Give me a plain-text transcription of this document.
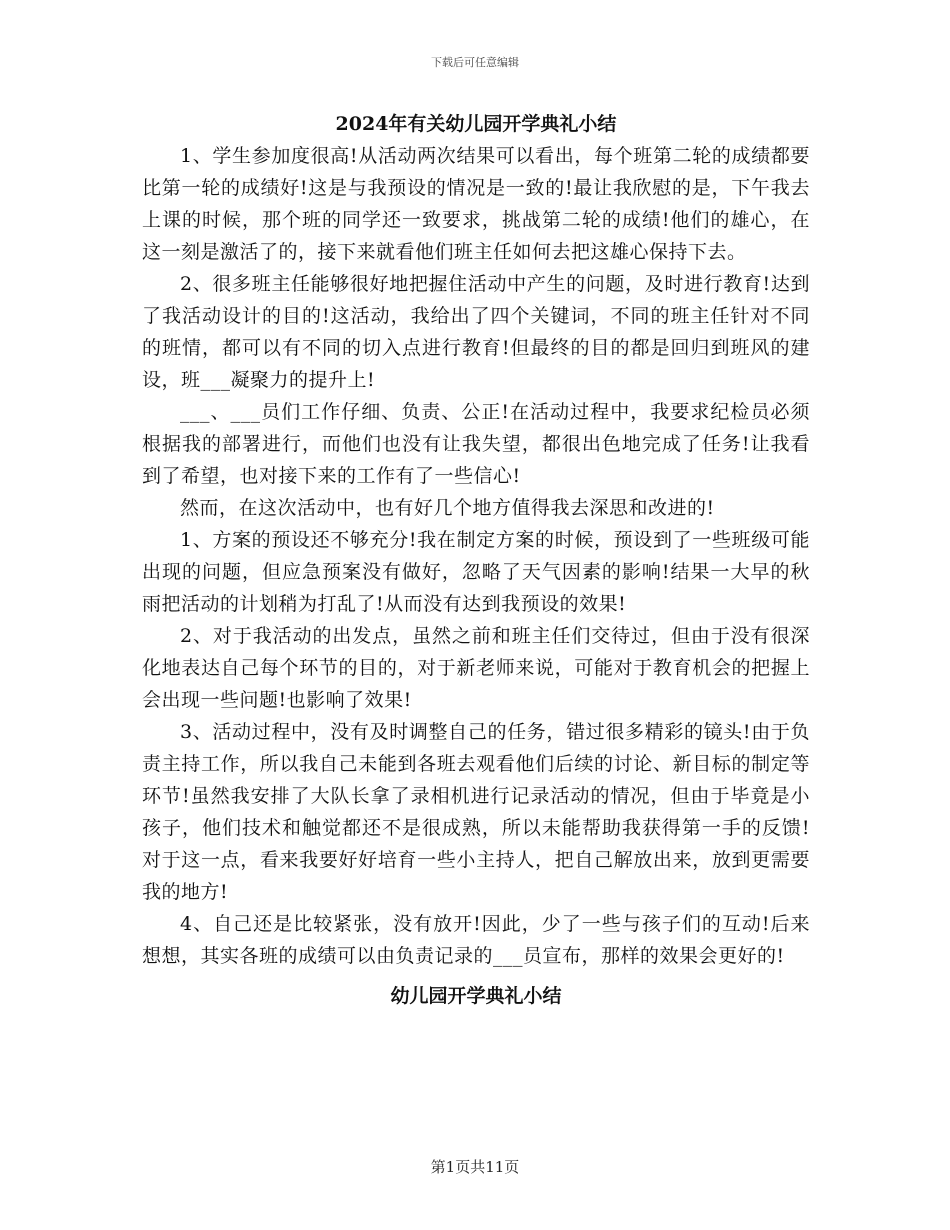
下载后可任意编辑
2024年有关幼儿园开学典礼小结

1、学生参加度很高!从活动两次结果可以看出，每个班第二轮的成绩都要比第一轮的成绩好!这是与我预设的情况是一致的!最让我欣慰的是，下午我去上课的时候，那个班的同学还一致要求，挑战第二轮的成绩!他们的雄心，在这一刻是激活了的，接下来就看他们班主任如何去把这雄心保持下去。

2、很多班主任能够很好地把握住活动中产生的问题，及时进行教育!达到了我活动设计的目的!这活动，我给出了四个关键词，不同的班主任针对不同的班情，都可以有不同的切入点进行教育!但最终的目的都是回归到班风的建设，班___凝聚力的提升上!

___、___员们工作仔细、负责、公正!在活动过程中，我要求纪检员必须根据我的部署进行，而他们也没有让我失望，都很出色地完成了任务!让我看到了希望，也对接下来的工作有了一些信心!

然而，在这次活动中，也有好几个地方值得我去深思和改进的!

1、方案的预设还不够充分!我在制定方案的时候，预设到了一些班级可能出现的问题，但应急预案没有做好，忽略了天气因素的影响!结果一大早的秋雨把活动的计划稍为打乱了!从而没有达到我预设的效果!

2、对于我活动的出发点，虽然之前和班主任们交待过，但由于没有很深化地表达自己每个环节的目的，对于新老师来说，可能对于教育机会的把握上会出现一些问题!也影响了效果!

3、活动过程中，没有及时调整自己的任务，错过很多精彩的镜头!由于负责主持工作，所以我自己未能到各班去观看他们后续的讨论、新目标的制定等环节!虽然我安排了大队长拿了录相机进行记录活动的情况，但由于毕竟是小孩子，他们技术和触觉都还不是很成熟，所以未能帮助我获得第一手的反馈!对于这一点，看来我要好好培育一些小主持人，把自己解放出来，放到更需要我的地方!

4、自己还是比较紧张，没有放开!因此，少了一些与孩子们的互动!后来想想，其实各班的成绩可以由负责记录的___员宣布，那样的效果会更好的!

幼儿园开学典礼小结
第1页共11页
